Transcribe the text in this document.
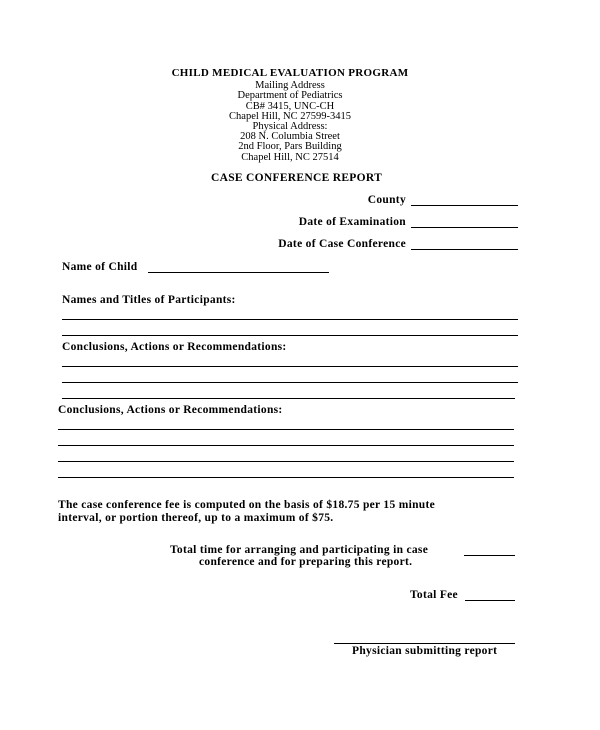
CHILD MEDICAL EVALUATION PROGRAM
Mailing Address
Department of Pediatrics
CB# 3415, UNC-CH
Chapel Hill, NC 27599-3415
Physical Address:
208 N. Columbia Street
2nd Floor, Pars Building
Chapel Hill, NC 27514
CASE CONFERENCE REPORT
County
Date of Examination
Date of Case Conference
Name of Child
Names and Titles of Participants:
Conclusions, Actions or Recommendations:
Conclusions, Actions or Recommendations:
The case conference fee is computed on the basis of $18.75 per 15 minute
interval, or portion thereof, up to a maximum of $75.
Total time for arranging and participating in case
conference and for preparing this report.
Total Fee
Physician submitting report
